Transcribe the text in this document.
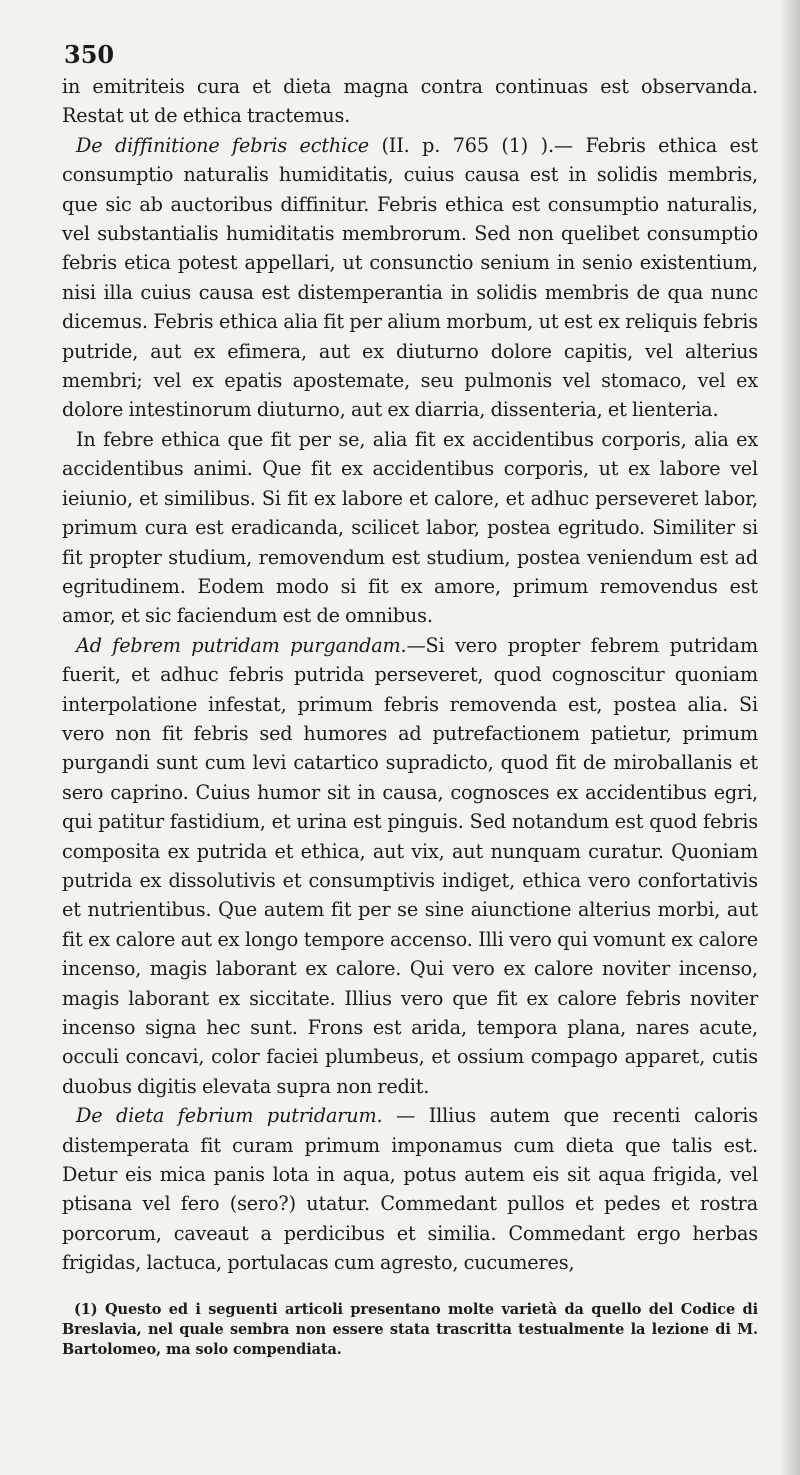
350

in emitriteis cura et dieta magna contra continuas est observanda. Restat ut de ethica tractemus.

De diffinitione febris ecthice (II. p. 765 (1) ).— Febris ethica est consumptio naturalis humiditatis, cuius causa est in solidis membris, que sic ab auctoribus diffinitur. Febris ethica est consumptio naturalis, vel substantialis humiditatis membrorum. Sed non quelibet consumptio febris etica potest appellari, ut consunctio senium in senio existentium, nisi illa cuius causa est distemperantia in solidis membris de qua nunc dicemus. Febris ethica alia fit per alium morbum, ut est ex reliquis febris putride, aut ex efimera, aut ex diuturno dolore capitis, vel alterius membri; vel ex epatis apostemate, seu pulmonis vel stomaco, vel ex dolore intestinorum diuturno, aut ex diarria, dissenteria, et lienteria.

In febre ethica que fit per se, alia fit ex accidentibus corporis, alia ex accidentibus animi. Que fit ex accidentibus corporis, ut ex labore vel ieiunio, et similibus. Si fit ex labore et calore, et adhuc perseveret labor, primum cura est eradicanda, scilicet labor, postea egritudo. Similiter si fit propter studium, removendum est studium, postea veniendum est ad egritudinem. Eodem modo si fit ex amore, primum removendus est amor, et sic faciendum est de omnibus.

Ad febrem putridam purgandam.—Si vero propter febrem putridam fuerit, et adhuc febris putrida perseveret, quod cognoscitur quoniam interpolatione infestat, primum febris removenda est, postea alia. Si vero non fit febris sed humores ad putrefactionem patietur, primum purgandi sunt cum levi catartico supradicto, quod fit de miroballanis et sero caprino. Cuius humor sit in causa, cognosces ex accidentibus egri, qui patitur fastidium, et urina est pinguis. Sed notandum est quod febris composita ex putrida et ethica, aut vix, aut nunquam curatur. Quoniam putrida ex dissolutivis et consumptivis indiget, ethica vero confortativis et nutrientibus. Que autem fit per se sine aiunctione alterius morbi, aut fit ex calore aut ex longo tempore accenso. Illi vero qui vomunt ex calore incenso, magis laborant ex calore. Qui vero ex calore noviter incenso, magis laborant ex siccitate. Illius vero que fit ex calore febris noviter incenso signa hec sunt. Frons est arida, tempora plana, nares acute, occuli concavi, color faciei plumbeus, et ossium compago apparet, cutis duobus digitis elevata supra non redit.

De dieta febrium putridarum. — Illius autem que recenti caloris distemperata fit curam primum imponamus cum dieta que talis est. Detur eis mica panis lota in aqua, potus autem eis sit aqua frigida, vel ptisana vel fero (sero?) utatur. Commedant pullos et pedes et rostra porcorum, caveaut a perdicibus et similia. Commedant ergo herbas frigidas, lactuca, portulacas cum agresto, cucumeres,

(1) Questo ed i seguenti articoli presentano molte varietà da quello del Codice di Breslavia, nel quale sembra non essere stata trascritta testualmente la lezione di M. Bartolomeo, ma solo compendiata.
